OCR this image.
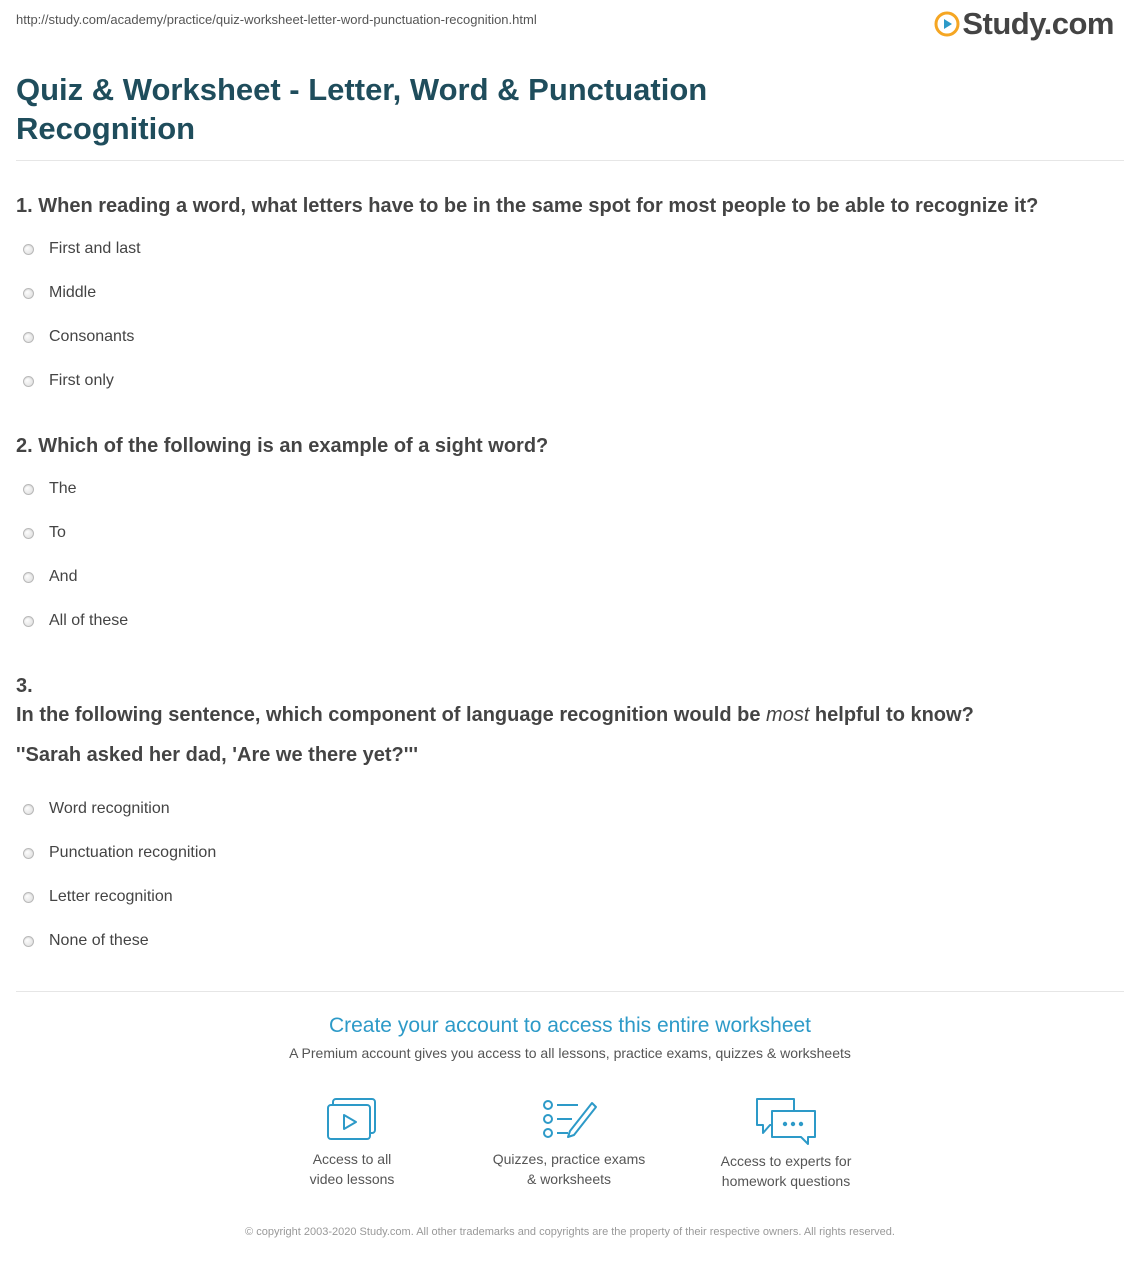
http://study.com/academy/practice/quiz-worksheet-letter-word-punctuation-recognition.html	Study.com
Quiz & Worksheet - Letter, Word & Punctuation Recognition
1. When reading a word, what letters have to be in the same spot for most people to be able to recognize it?
First and last
Middle
Consonants
First only
2. Which of the following is an example of a sight word?
The
To
And
All of these
3.
In the following sentence, which component of language recognition would be most helpful to know?
''Sarah asked her dad, 'Are we there yet?'''
Word recognition
Punctuation recognition
Letter recognition
None of these
Create your account to access this entire worksheet
A Premium account gives you access to all lessons, practice exams, quizzes & worksheets
Access to all
video lessons
Quizzes, practice exams
& worksheets
Access to experts for
homework questions
© copyright 2003-2020 Study.com. All other trademarks and copyrights are the property of their respective owners. All rights reserved.
